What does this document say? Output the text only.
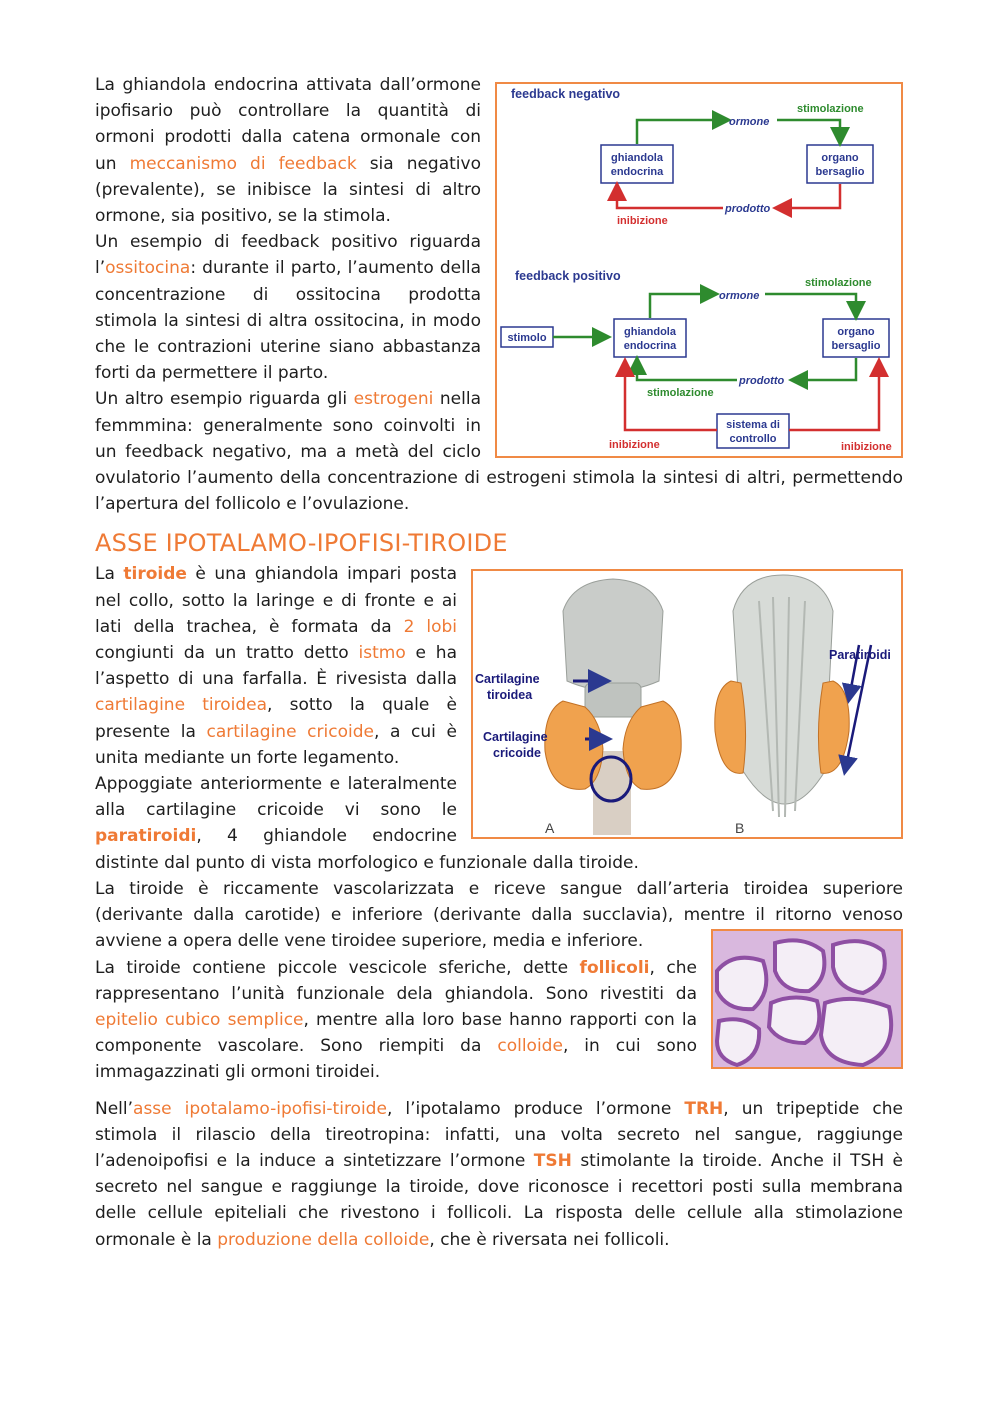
feedback negativo
ghiandola
endocrina
organo
bersaglio
ormone
stimolazione
prodotto
inibizione
feedback positivo
stimolo	ghiandola
endocrina
organo
bersaglio
ormone
stimolazione
prodotto
stimolazione
sistema di
controllo
inibizione	inibizione

La ghiandola endocrina attivata dall’ormone ipofisario può controllare la quantità di ormoni prodotti dalla catena ormonale con un meccanismo di feedback sia negativo (prevalente), se inibisce la sintesi di altro ormone, sia positivo, se la stimola.

Un esempio di feedback positivo riguarda l’ossitocina: durante il parto, l’aumento della concentrazione di ossitocina prodotta stimola la sintesi di altra ossitocina, in modo che le contrazioni uterine siano abbastanza forti da permettere il parto.

Un altro esempio riguarda gli estrogeni nella femmmina: generalmente sono coinvolti in un feedback negativo, ma a metà del ciclo ovulatorio l’aumento della concentrazione di estrogeni stimola la sintesi di altri, permettendo l’apertura del follicolo e l’ovulazione.

ASSE IPOTALAMO-IPOFISI-TIROIDE
Cartilagine
tiroidea
Cartilagine
cricoide
A
Paratiroidi
B

La tiroide è una ghiandola impari posta nel collo, sotto la laringe e di fronte e ai lati della trachea, è formata da 2 lobi congiunti da un tratto detto istmo e ha l’aspetto di una farfalla. È rivesista dalla cartilagine tiroidea, sotto la quale è presente la cartilagine cricoide, a cui è unita mediante un forte legamento.

Appoggiate anteriormente e lateralmente alla cartilagine cricoide vi sono le paratiroidi, 4 ghiandole endocrine distinte dal punto di vista morfologico e funzionale dalla tiroide.

La tiroide è riccamente vascolarizzata e riceve sangue dall’arteria tiroidea superiore (derivante dalla carotide) e inferiore (derivante dalla succlavia), mentre il ritorno venoso avviene a opera delle vene tiroidee superiore, media e inferiore.

La tiroide contiene piccole vescicole sferiche, dette follicoli, che rappresentano l’unità funzionale dela ghiandola. Sono rivestiti da epitelio cubico semplice, mentre alla loro base hanno rapporti con la componente vascolare. Sono riempiti da colloide, in cui sono immagazzinati gli ormoni tiroidei.

Nell’asse ipotalamo-ipofisi-tiroide, l’ipotalamo produce l’ormone TRH, un tripeptide che stimola il rilascio della tireotropina: infatti, una volta secreto nel sangue, raggiunge l’adenoipofisi e la induce a sintetizzare l’ormone TSH stimolante la tiroide. Anche il TSH è secreto nel sangue e raggiunge la tiroide, dove riconosce i recettori posti sulla membrana delle cellule epiteliali che rivestono i follicoli. La risposta delle cellule alla stimolazione ormonale è la produzione della colloide, che è riversata nei follicoli.
